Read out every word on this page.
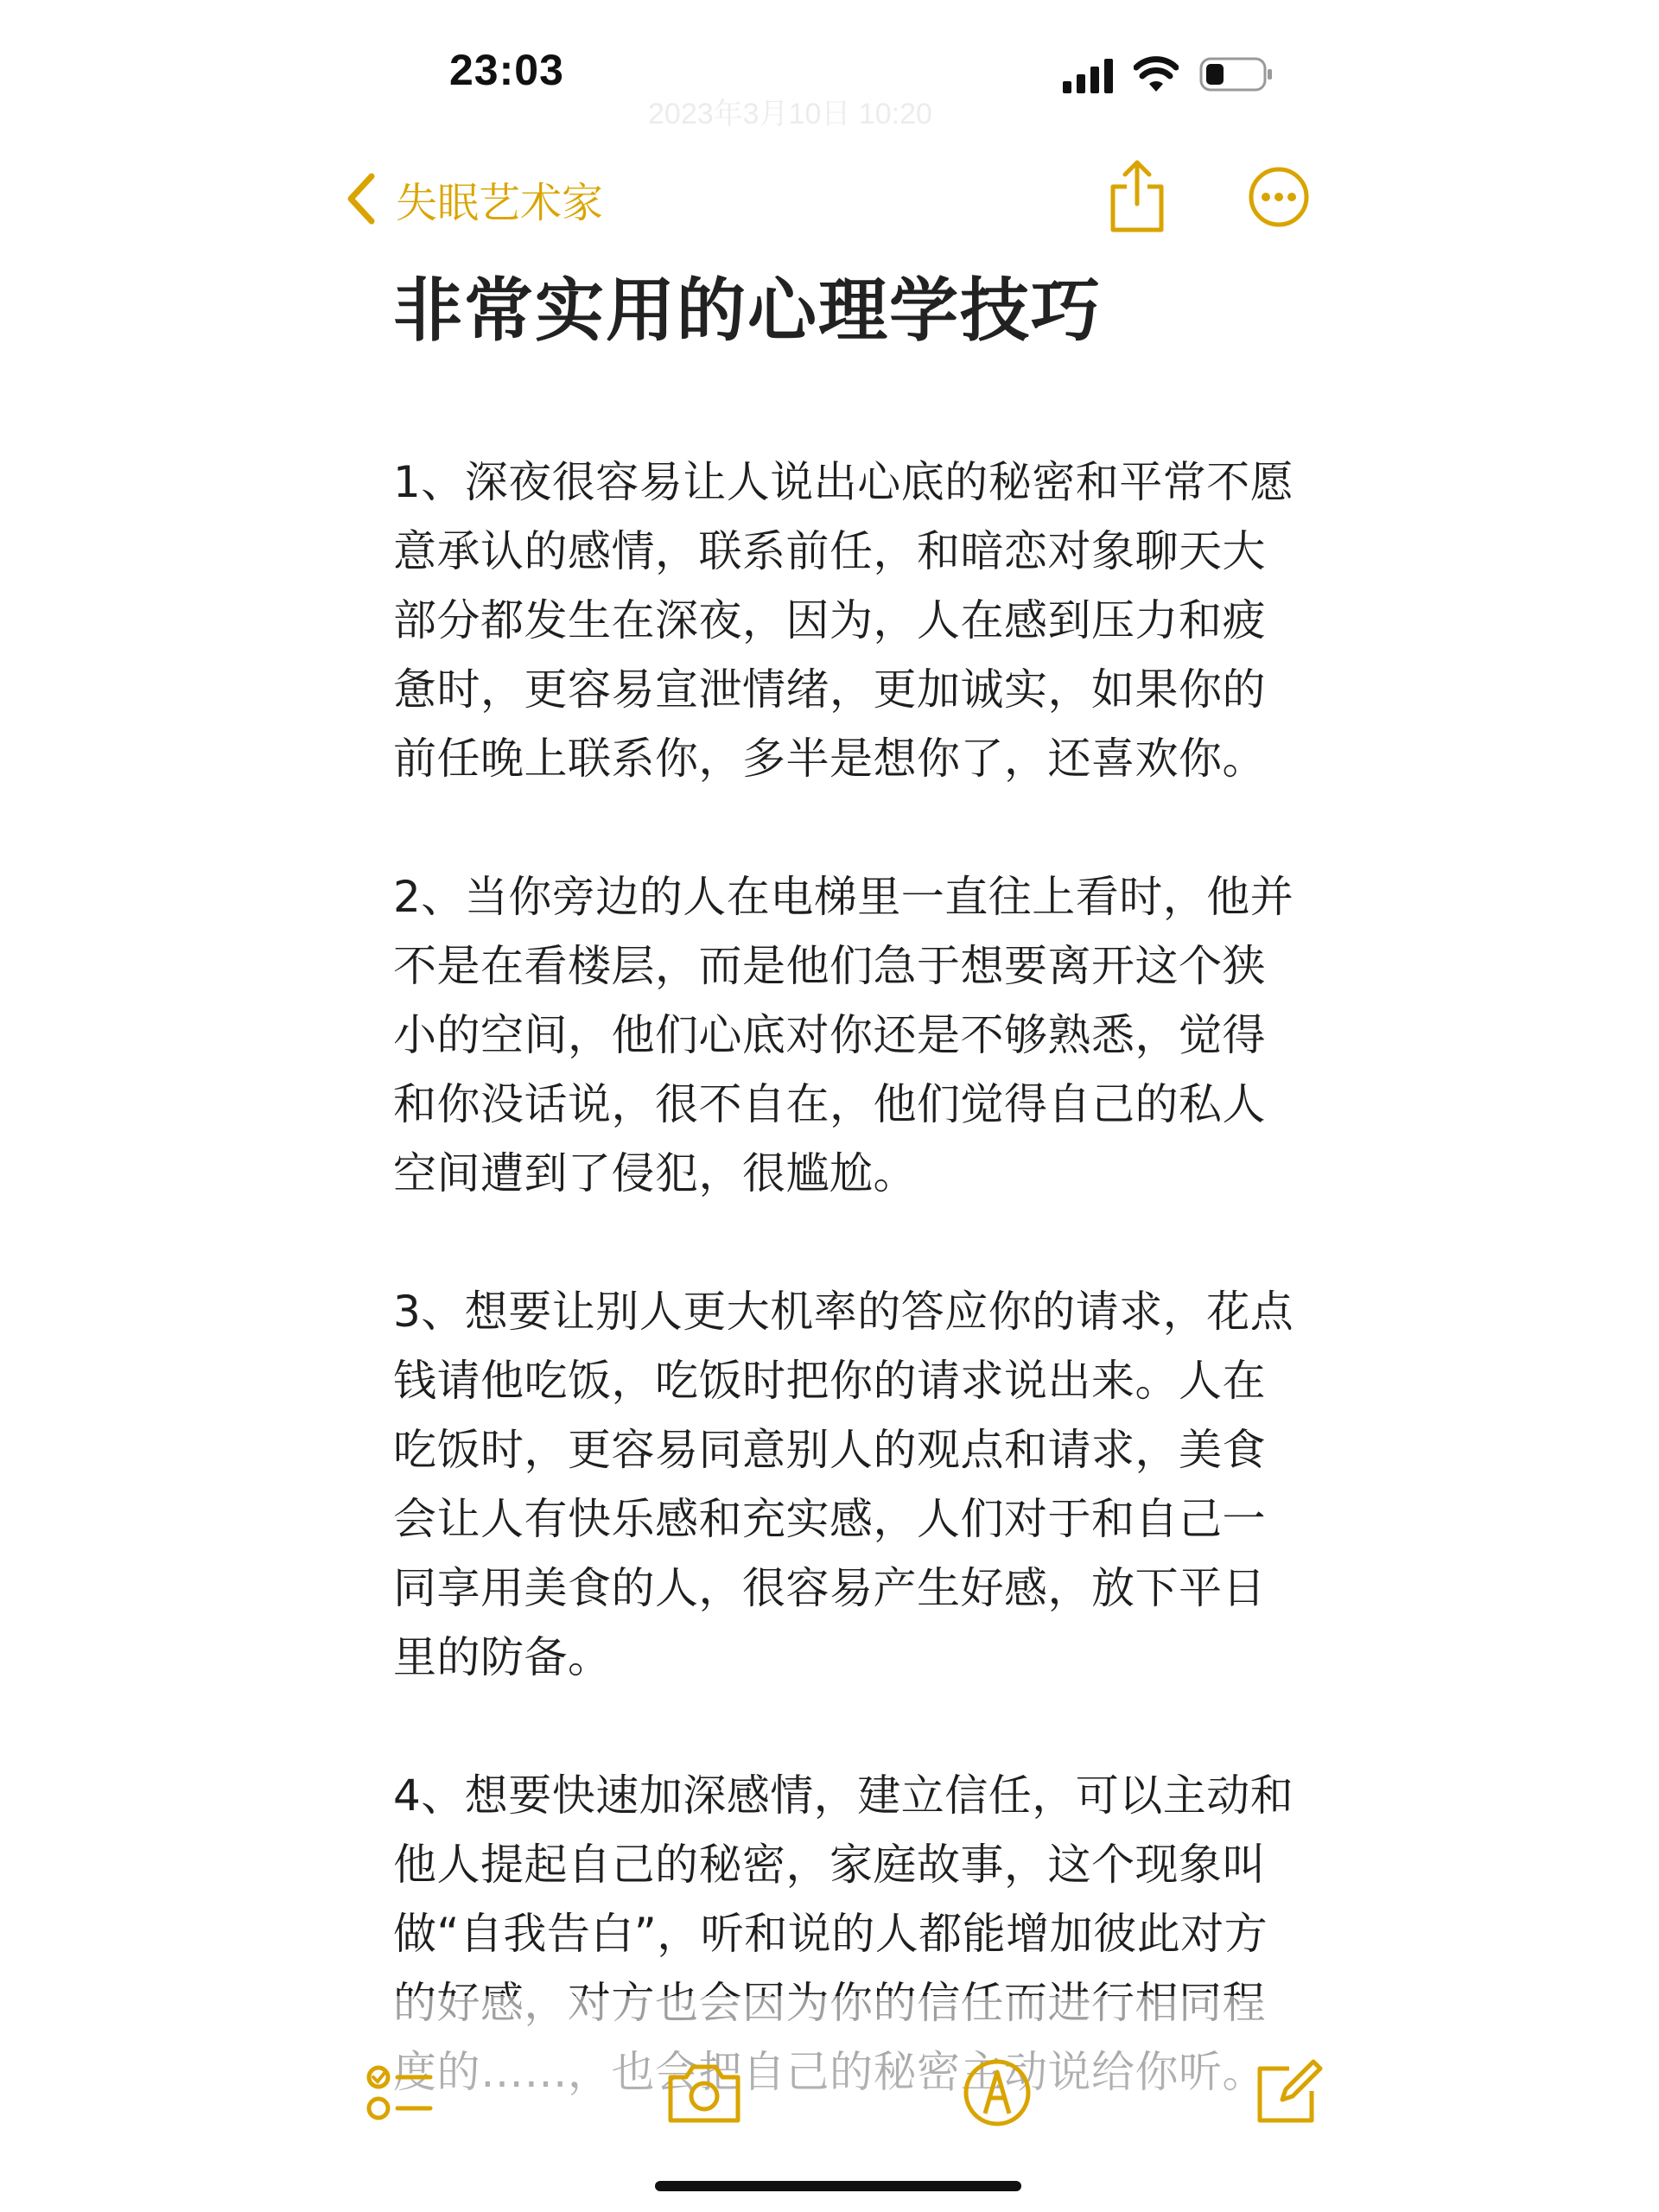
2023年3月10日 10:20
23:03
失眠艺术家
非常实用的心理学技巧

1、深夜很容易让人说出心底的秘密和平常不愿意承认的感情，联系前任，和暗恋对象聊天大部分都发生在深夜，因为，人在感到压力和疲惫时，更容易宣泄情绪，更加诚实，如果你的前任晚上联系你，多半是想你了，还喜欢你。

2、当你旁边的人在电梯里一直往上看时，他并不是在看楼层，而是他们急于想要离开这个狭小的空间，他们心底对你还是不够熟悉，觉得和你没话说，很不自在，他们觉得自己的私人空间遭到了侵犯，很尴尬。

3、想要让别人更大机率的答应你的请求，花点钱请他吃饭，吃饭时把你的请求说出来。人在吃饭时，更容易同意别人的观点和请求，美食会让人有快乐感和充实感，人们对于和自己一同享用美食的人，很容易产生好感，放下平日里的防备。

4、想要快速加深感情，建立信任，可以主动和他人提起自己的秘密，家庭故事，这个现象叫做“自我告白”，听和说的人都能增加彼此对方
